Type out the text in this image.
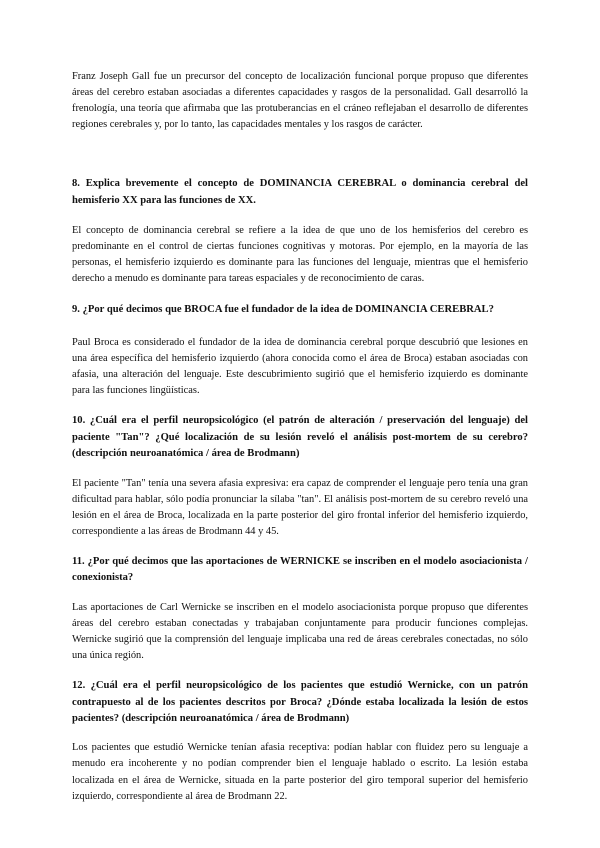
Franz Joseph Gall fue un precursor del concepto de localización funcional porque propuso que diferentes áreas del cerebro estaban asociadas a diferentes capacidades y rasgos de la personalidad. Gall desarrolló la frenología, una teoría que afirmaba que las protuberancias en el cráneo reflejaban el desarrollo de diferentes regiones cerebrales y, por lo tanto, las capacidades mentales y los rasgos de carácter.

8. Explica brevemente el concepto de DOMINANCIA CEREBRAL o dominancia cerebral del hemisferio XX para las funciones de XX.

El concepto de dominancia cerebral se refiere a la idea de que uno de los hemisferios del cerebro es predominante en el control de ciertas funciones cognitivas y motoras. Por ejemplo, en la mayoría de las personas, el hemisferio izquierdo es dominante para las funciones del lenguaje, mientras que el hemisferio derecho a menudo es dominante para tareas espaciales y de reconocimiento de caras.

9. ¿Por qué decimos que BROCA fue el fundador de la idea de DOMINANCIA CEREBRAL?

Paul Broca es considerado el fundador de la idea de dominancia cerebral porque descubrió que lesiones en una área específica del hemisferio izquierdo (ahora conocida como el área de Broca) estaban asociadas con afasia, una alteración del lenguaje. Este descubrimiento sugirió que el hemisferio izquierdo es dominante para las funciones lingüísticas.

10. ¿Cuál era el perfil neuropsicológico (el patrón de alteración / preservación del lenguaje) del paciente "Tan"? ¿Qué localización de su lesión reveló el análisis post-mortem de su cerebro? (descripción neuroanatómica / área de Brodmann)

El paciente "Tan" tenía una severa afasia expresiva: era capaz de comprender el lenguaje pero tenía una gran dificultad para hablar, sólo podía pronunciar la sílaba "tan". El análisis post-mortem de su cerebro reveló una lesión en el área de Broca, localizada en la parte posterior del giro frontal inferior del hemisferio izquierdo, correspondiente a las áreas de Brodmann 44 y 45.

11. ¿Por qué decimos que las aportaciones de WERNICKE se inscriben en el modelo asociacionista / conexionista?

Las aportaciones de Carl Wernicke se inscriben en el modelo asociacionista porque propuso que diferentes áreas del cerebro estaban conectadas y trabajaban conjuntamente para producir funciones complejas. Wernicke sugirió que la comprensión del lenguaje implicaba una red de áreas cerebrales conectadas, no sólo una única región.

12. ¿Cuál era el perfil neuropsicológico de los pacientes que estudió Wernicke, con un patrón contrapuesto al de los pacientes descritos por Broca? ¿Dónde estaba localizada la lesión de estos pacientes? (descripción neuroanatómica / área de Brodmann)

Los pacientes que estudió Wernicke tenían afasia receptiva: podían hablar con fluidez pero su lenguaje a menudo era incoherente y no podían comprender bien el lenguaje hablado o escrito. La lesión estaba localizada en el área de Wernicke, situada en la parte posterior del giro temporal superior del hemisferio izquierdo, correspondiente al área de Brodmann 22.
